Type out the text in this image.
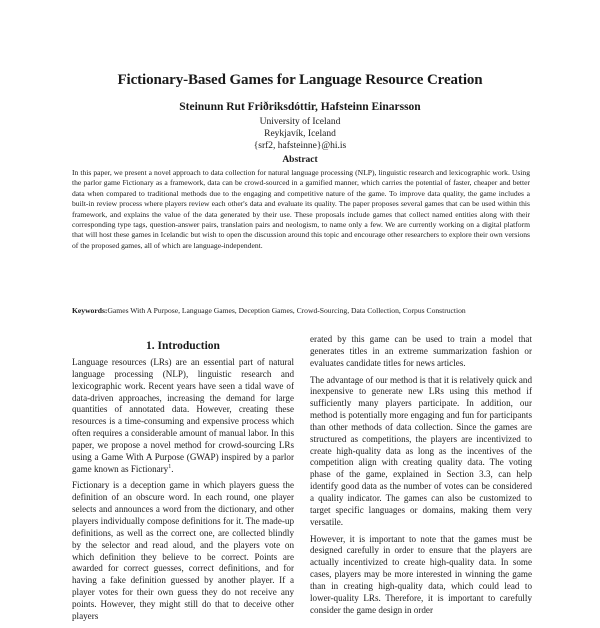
Fictionary-Based Games for Language Resource Creation
Steinunn Rut Friðriksdóttir, Hafsteinn Einarsson
University of Iceland
Reykjavík, Iceland
{srf2, hafsteinne}@hi.is
Abstract

In this paper, we present a novel approach to data collection for natural language processing (NLP), linguistic research and lexicographic work. Using the parlor game Fictionary as a framework, data can be crowd-sourced in a gamified manner, which carries the potential of faster, cheaper and better data when compared to traditional methods due to the engaging and competitive nature of the game. To improve data quality, the game includes a built-in review process where players review each other's data and evaluate its quality. The paper proposes several games that can be used within this framework, and explains the value of the data generated by their use. These proposals include games that collect named entities along with their corresponding type tags, question-answer pairs, translation pairs and neologism, to name only a few. We are currently working on a digital platform that will host these games in Icelandic but wish to open the discussion around this topic and encourage other researchers to explore their own versions of the proposed games, all of which are language-independent.

Keywords:Games With A Purpose, Language Games, Deception Games, Crowd-Sourcing, Data Collection, Corpus Construction

1. Introduction

Language resources (LRs) are an essential part of natural language processing (NLP), linguistic research and lexicographic work. Recent years have seen a tidal wave of data-driven approaches, increasing the demand for large quantities of annotated data. However, creating these resources is a time-consuming and expensive process which often requires a considerable amount of manual labor. In this paper, we propose a novel method for crowd-sourcing LRs using a Game With A Purpose (GWAP) inspired by a parlor game known as Fictionary$^1$.

Fictionary is a deception game in which players guess the definition of an obscure word. In each round, one player selects and announces a word from the dictionary, and other players individually compose definitions for it. The made-up definitions, as well as the correct one, are collected blindly by the selector and read aloud, and the players vote on which definition they believe to be correct. Points are awarded for correct guesses, correct definitions, and for having a fake definition guessed by another player. If a player votes for their own guess they do not receive any points. However, they might still do that to deceive other players

erated by this game can be used to train a model that generates titles in an extreme summarization fashion or evaluates candidate titles for news articles.

The advantage of our method is that it is relatively quick and inexpensive to generate new LRs using this method if sufficiently many players participate. In addition, our method is potentially more engaging and fun for participants than other methods of data collection. Since the games are structured as competitions, the players are incentivized to create high-quality data as long as the incentives of the competition align with creating quality data. The voting phase of the game, explained in Section 3.3, can help identify good data as the number of votes can be considered a quality indicator. The games can also be customized to target specific languages or domains, making them very versatile.

However, it is important to note that the games must be designed carefully in order to ensure that the players are actually incentivized to create high-quality data. In some cases, players may be more interested in winning the game than in creating high-quality data, which could lead to lower-quality LRs. Therefore, it is important to carefully consider the game design in order
